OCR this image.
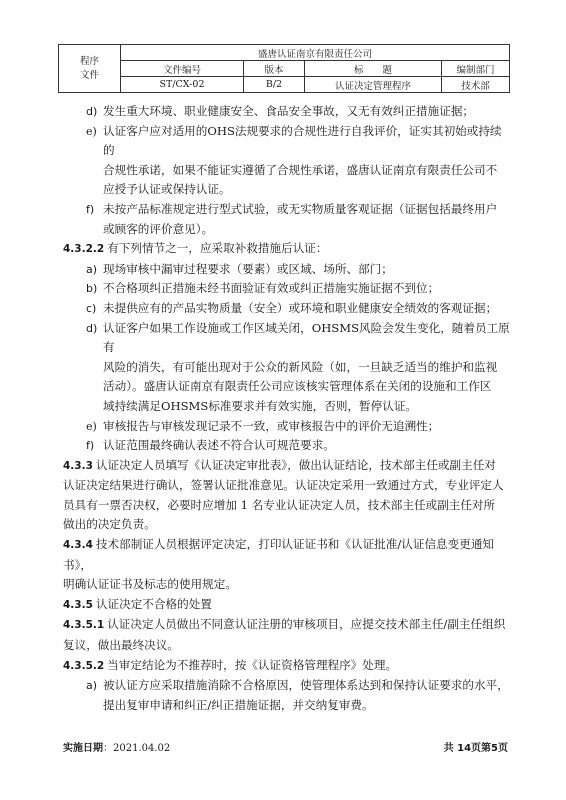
程序
文件	盛唐认证南京有限责任公司			
	文件编号	版本	标　　题	编制部门
	ST/CX-02	B/2	认证决定管理程序	技术部
d) 发生重大环境、职业健康安全、食品安全事故，又无有效纠正措施证据；
e) 认证客户应对适用的OHS法规要求的合规性进行自我评价，证实其初始或持续的
合规性承诺，如果不能证实遵循了合规性承诺，盛唐认证南京有限责任公司不
应授予认证或保持认证。
f) 未按产品标准规定进行型式试验，或无实物质量客观证据（证据包括最终用户
或顾客的评价意见）。
4.3.2.2 有下列情节之一，应采取补救措施后认证：
a) 现场审核中漏审过程要求（要素）或区域、场所、部门；
b) 不合格项纠正措施未经书面验证有效或纠正措施实施证据不到位；
c) 未提供应有的产品实物质量（安全）或环境和职业健康安全绩效的客观证据；
d) 认证客户如果工作设施或工作区域关闭，OHSMS风险会发生变化，随着员工原有
风险的消失，有可能出现对于公众的新风险（如，一旦缺乏适当的维护和监视
活动）。盛唐认证南京有限责任公司应该核实管理体系在关闭的设施和工作区
域持续满足OHSMS标准要求并有效实施，否则，暂停认证。
e) 审核报告与审核发现记录不一致，或审核报告中的评价无追溯性；
f) 认证范围最终确认表述不符合认可规范要求。
4.3.3 认证决定人员填写《认证决定审批表》，做出认证结论，技术部主任或副主任对
认证决定结果进行确认，签署认证批准意见。认证决定采用一致通过方式，专业评定人
员具有一票否决权，必要时应增加 1 名专业认证决定人员，技术部主任或副主任对所
做出的决定负责。
4.3.4 技术部制证人员根据评定决定，打印认证证书和《认证批准/认证信息变更通知书》，
明确认证证书及标志的使用规定。
4.3.5 认证决定不合格的处置
4.3.5.1 认证决定人员做出不同意认证注册的审核项目，应提交技术部主任/副主任组织
复议，做出最终决议。
4.3.5.2 当审定结论为不推荐时，按《认证资格管理程序》处理。
a) 被认证方应采取措施消除不合格原因，使管理体系达到和保持认证要求的水平，
提出复审申请和纠正/纠正措施证据，并交纳复审费。
实施日期：2021.04.02	共 14页第5页
